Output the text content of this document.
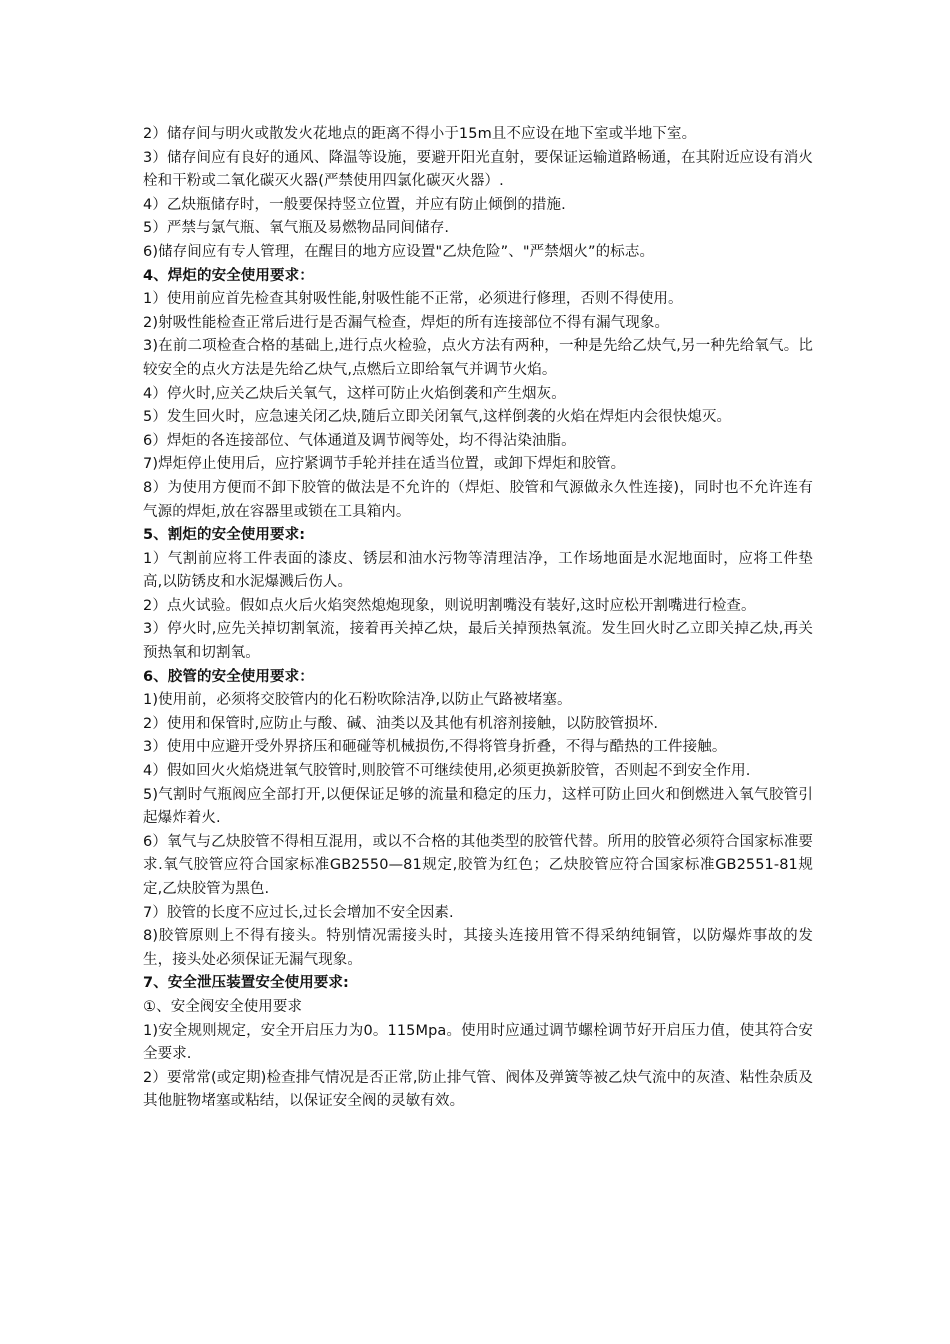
2）储存间与明火或散发火花地点的距离不得小于15m且不应设在地下室或半地下室。

3）储存间应有良好的通风、降温等设施，要避开阳光直射，要保证运输道路畅通，在其附近应设有消火栓和干粉或二氧化碳灭火器(严禁使用四氯化碳灭火器）.

4）乙炔瓶储存时，一般要保持竖立位置，并应有防止倾倒的措施.

5）严禁与氯气瓶、氧气瓶及易燃物品同间储存.

6)储存间应有专人管理，在醒目的地方应设置"乙炔危险”、"严禁烟火”的标志。

4、焊炬的安全使用要求：

1）使用前应首先检查其射吸性能,射吸性能不正常，必须进行修理，否则不得使用。

2)射吸性能检查正常后进行是否漏气检查，焊炬的所有连接部位不得有漏气现象。

3)在前二项检查合格的基础上,进行点火检验，点火方法有两种，一种是先给乙炔气,另一种先给氧气。比较安全的点火方法是先给乙炔气,点燃后立即给氧气并调节火焰。

4）停火时,应关乙炔后关氧气，这样可防止火焰倒袭和产生烟灰。

5）发生回火时，应急速关闭乙炔,随后立即关闭氧气,这样倒袭的火焰在焊炬内会很快熄灭。

6）焊炬的各连接部位、气体通道及调节阀等处，均不得沾染油脂。

7)焊炬停止使用后，应拧紧调节手轮并挂在适当位置，或卸下焊炬和胶管。

8）为使用方便而不卸下胶管的做法是不允许的（焊炬、胶管和气源做永久性连接)，同时也不允许连有气源的焊炬,放在容器里或锁在工具箱内。

5、割炬的安全使用要求:

1）气割前应将工件表面的漆皮、锈层和油水污物等清理洁净，工作场地面是水泥地面时，应将工件垫高,以防锈皮和水泥爆溅后伤人。

2）点火试验。假如点火后火焰突然熄炮现象，则说明割嘴没有装好,这时应松开割嘴进行检查。

3）停火时,应先关掉切割氧流，接着再关掉乙炔，最后关掉预热氧流。发生回火时乙立即关掉乙炔,再关预热氧和切割氧。

6、胶管的安全使用要求：

1)使用前，必须将交胶管内的化石粉吹除洁净,以防止气路被堵塞。

2）使用和保管时,应防止与酸、碱、油类以及其他有机溶剂接触，以防胶管损坏.

3）使用中应避开受外界挤压和砸碰等机械损伤,不得将管身折叠，不得与酷热的工件接触。

4）假如回火火焰烧进氧气胶管时,则胶管不可继续使用,必须更换新胶管，否则起不到安全作用.

5)气割时气瓶阀应全部打开,以便保证足够的流量和稳定的压力，这样可防止回火和倒燃进入氧气胶管引起爆炸着火.

6）氧气与乙炔胶管不得相互混用，或以不合格的其他类型的胶管代替。所用的胶管必须符合国家标准要求.氧气胶管应符合国家标准GB2550—81规定,胶管为红色；乙炔胶管应符合国家标准GB2551-81规定,乙炔胶管为黑色.

7）胶管的长度不应过长,过长会增加不安全因素.

8)胶管原则上不得有接头。特别情况需接头时，其接头连接用管不得采纳纯铜管，以防爆炸事故的发生，接头处必须保证无漏气现象。

7、安全泄压装置安全使用要求:

①、安全阀安全使用要求

1)安全规则规定，安全开启压力为0。115Mpa。使用时应通过调节螺栓调节好开启压力值，使其符合安全要求.

2）要常常(或定期)检查排气情况是否正常,防止排气管、阀体及弹簧等被乙炔气流中的灰渣、粘性杂质及其他脏物堵塞或粘结，以保证安全阀的灵敏有效。
